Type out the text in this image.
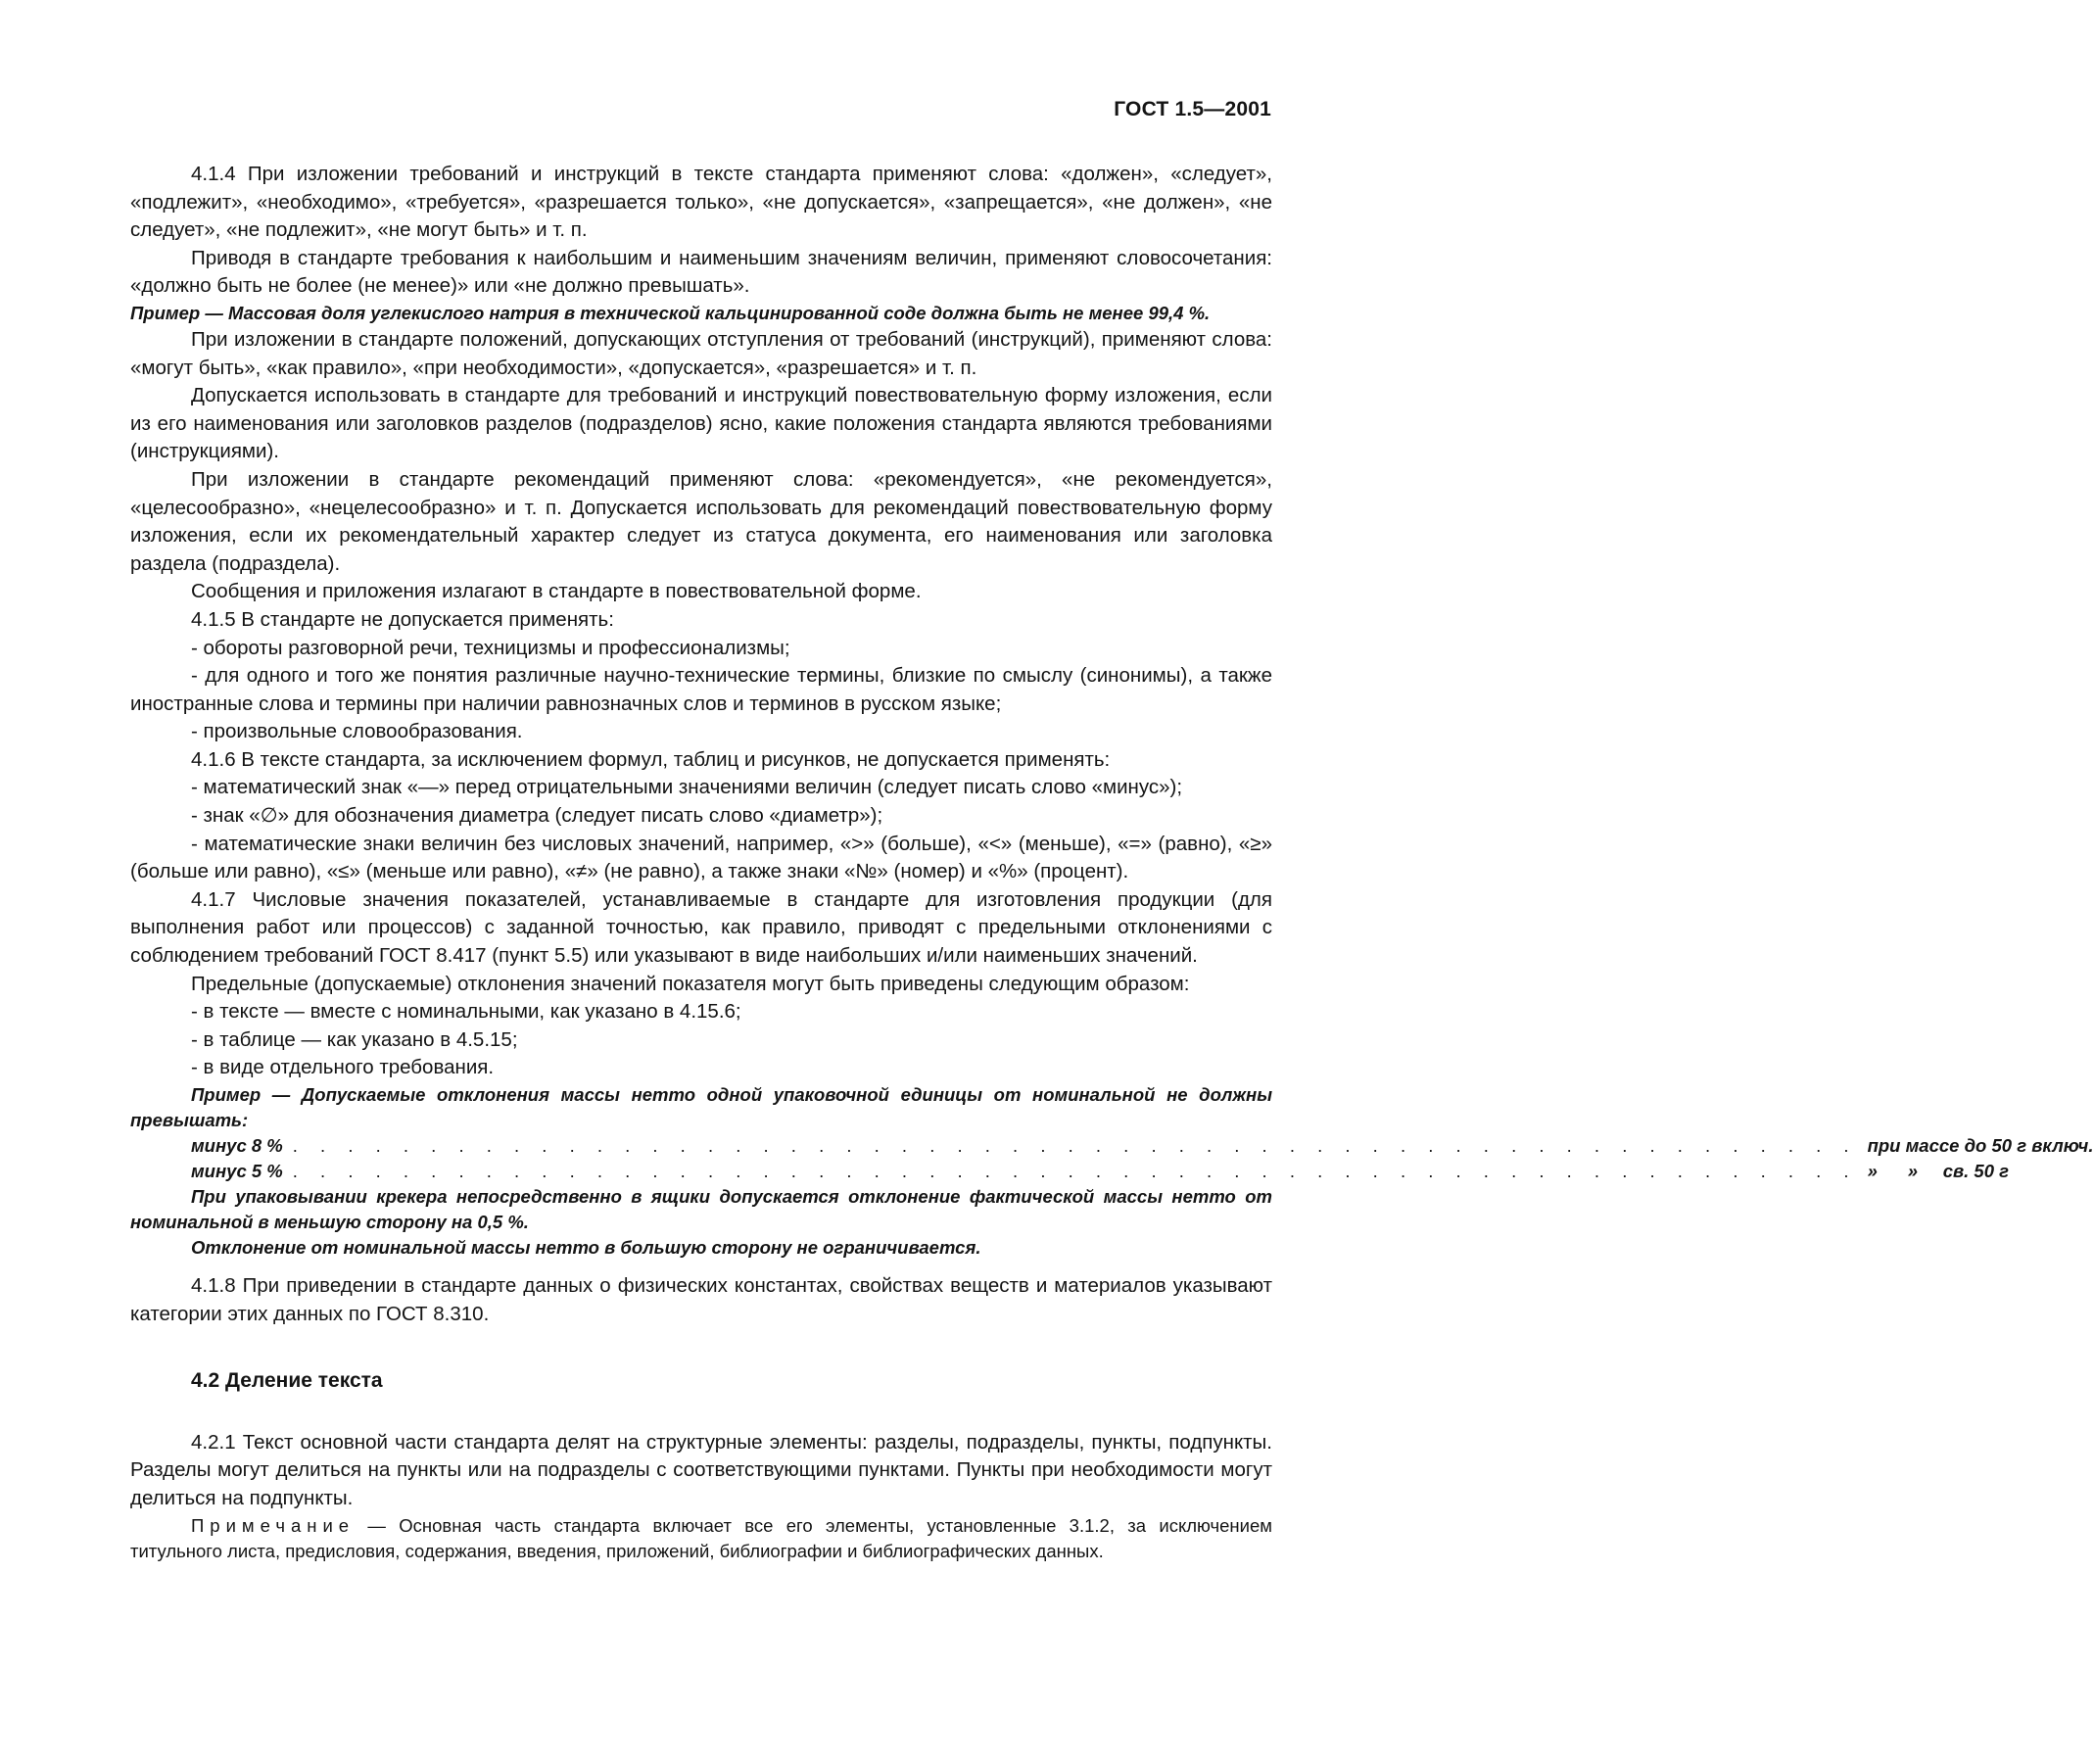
ГОСТ 1.5—2001

4.1.4 При изложении требований и инструкций в тексте стандарта применяют слова: «должен», «следует», «подлежит», «необходимо», «требуется», «разрешается только», «не допускается», «запрещается», «не должен», «не следует», «не подлежит», «не могут быть» и т. п.

Приводя в стандарте требования к наибольшим и наименьшим значениям величин, применяют словосочетания: «должно быть не более (не менее)» или «не должно превышать».

Пример — Массовая доля углекислого натрия в технической кальцинированной соде должна быть не менее 99,4 %.

При изложении в стандарте положений, допускающих отступления от требований (инструкций), применяют слова: «могут быть», «как правило», «при необходимости», «допускается», «разрешается» и т. п.

Допускается использовать в стандарте для требований и инструкций повествовательную форму изложения, если из его наименования или заголовков разделов (подразделов) ясно, какие положения стандарта являются требованиями (инструкциями).

При изложении в стандарте рекомендаций применяют слова: «рекомендуется», «не рекомендуется», «целесообразно», «нецелесообразно» и т. п. Допускается использовать для рекомендаций повествовательную форму изложения, если их рекомендательный характер следует из статуса документа, его наименования или заголовка раздела (подраздела).

Сообщения и приложения излагают в стандарте в повествовательной форме.

4.1.5 В стандарте не допускается применять:

- обороты разговорной речи, техницизмы и профессионализмы;

- для одного и того же понятия различные научно-технические термины, близкие по смыслу (синонимы), а также иностранные слова и термины при наличии равнозначных слов и терминов в русском языке;

- произвольные словообразования.

4.1.6 В тексте стандарта, за исключением формул, таблиц и рисунков, не допускается применять:

- математический знак «—» перед отрицательными значениями величин (следует писать слово «минус»);

- знак «∅» для обозначения диаметра (следует писать слово «диаметр»);

- математические знаки величин без числовых значений, например, «>» (больше), «<» (меньше), «=» (равно), «≥» (больше или равно), «≤» (меньше или равно), «≠» (не равно), а также знаки «№» (номер) и «%» (процент).

4.1.7 Числовые значения показателей, устанавливаемые в стандарте для изготовления продукции (для выполнения работ или процессов) с заданной точностью, как правило, приводят с предельными отклонениями с соблюдением требований ГОСТ 8.417 (пункт 5.5) или указывают в виде наибольших и/или наименьших значений.

Предельные (допускаемые) отклонения значений показателя могут быть приведены следующим образом:

- в тексте — вместе с номинальными, как указано в 4.15.6;

- в таблице — как указано в 4.5.15;

- в виде отдельного требования.

Пример — Допускаемые отклонения массы нетто одной упаковочной единицы от номинальной не должны превышать:

минус 8 % . . . . . . . . . . . . . . . . . . . . . . . . . . . . . . . . . . . . . . . . . . . . . . . . . . . . . . . . . при массе до 50 г включ.
минус 5 % . . . . . . . . . . . . . . . . . . . . . . . . . . . . . . . . . . . . . . . . . . . . . . . . . . . . . . . . . »      »     св. 50 г

При упаковывании крекера непосредственно в ящики допускается отклонение фактической массы нетто от номинальной в меньшую сторону на 0,5 %.

Отклонение от номинальной массы нетто в большую сторону не ограничивается.

4.1.8 При приведении в стандарте данных о физических константах, свойствах веществ и материалов указывают категории этих данных по ГОСТ 8.310.

4.2 Деление текста

4.2.1 Текст основной части стандарта делят на структурные элементы: разделы, подразделы, пункты, подпункты. Разделы могут делиться на пункты или на подразделы с соответствующими пунктами. Пункты при необходимости могут делиться на подпункты.

Примечание — Основная часть стандарта включает все его элементы, установленные 3.1.2, за исключением титульного листа, предисловия, содержания, введения, приложений, библиографии и библиографических данных.
